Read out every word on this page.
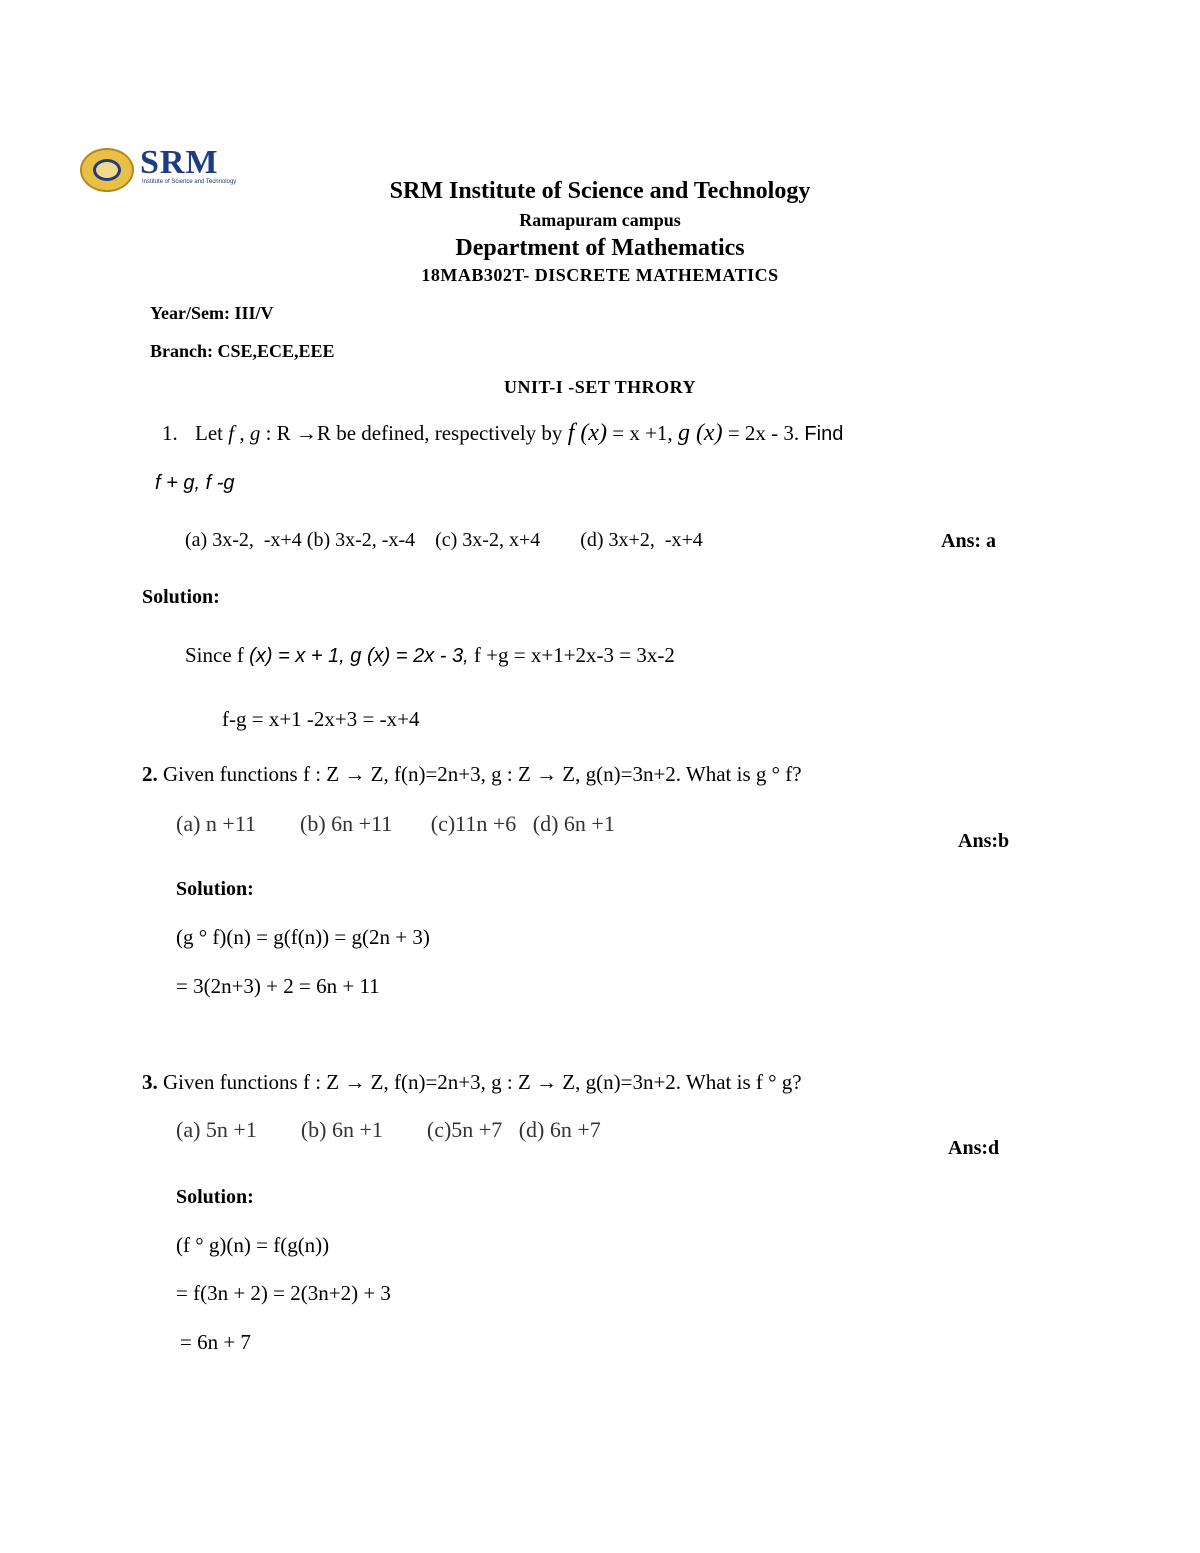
SRM
Institute of Science and Technology	SRM Institute of Science and Technology
Ramapuram campus
Department of Mathematics
18MAB302T- DISCRETE MATHEMATICS
Year/Sem: III/V
Branch: CSE,ECE,EEE
UNIT-I -SET THRORY
1. Let f , g : R →R be defined, respectively by f (x) = x +1, g (x) = 2x - 3. Find
f + g, f -g
(a) 3x-2,  -x+4 (b) 3x-2, -x-4    (c) 3x-2, x+4        (d) 3x+2,  -x+4	Ans: a
Solution:
Since f (x) = x + 1, g (x) = 2x - 3, f +g = x+1+2x-3 = 3x-2
f-g = x+1 -2x+3 = -x+4
2. Given functions f : Z → Z, f(n)=2n+3, g : Z → Z, g(n)=3n+2. What is g ° f?
(a) n +11        (b) 6n +11       (c)11n +6   (d) 6n +1
Ans:b
Solution:
(g ° f)(n) = g(f(n)) = g(2n + 3)
= 3(2n+3) + 2 = 6n + 11
3. Given functions f : Z → Z, f(n)=2n+3, g : Z → Z, g(n)=3n+2. What is f ° g?
(a) 5n +1        (b) 6n +1        (c)5n +7   (d) 6n +7
Ans:d
Solution:
(f ° g)(n) = f(g(n))
= f(3n + 2) = 2(3n+2) + 3
= 6n + 7
